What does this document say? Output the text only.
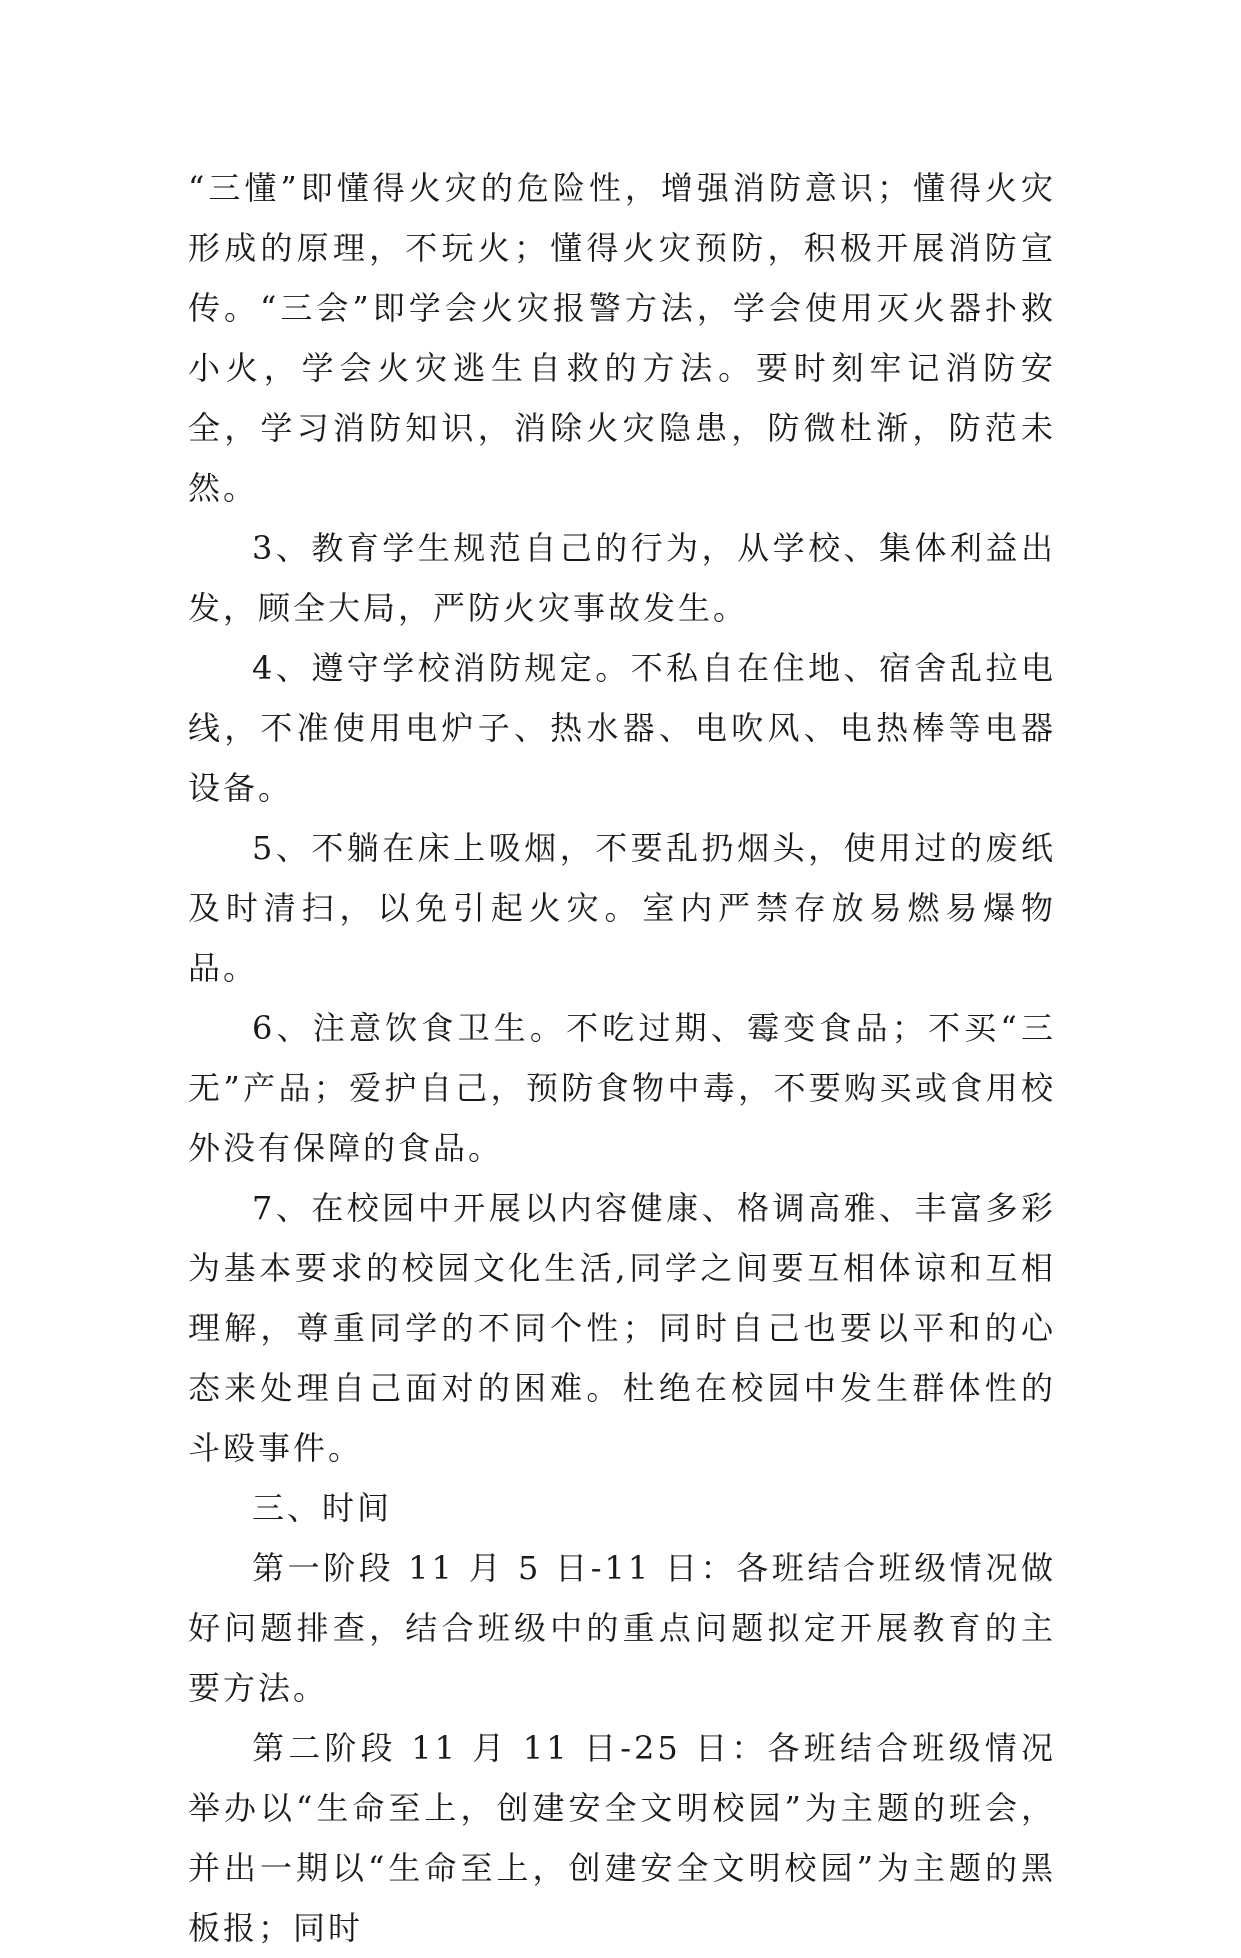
“三懂”即懂得火灾的危险性，增强消防意识；懂得火灾形成的原理，不玩火；懂得火灾预防，积极开展消防宣传。“三会”即学会火灾报警方法，学会使用灭火器扑救小火，学会火灾逃生自救的方法。要时刻牢记消防安全，学习消防知识，消除火灾隐患，防微杜渐，防范未然。

3、教育学生规范自己的行为，从学校、集体利益出发，顾全大局，严防火灾事故发生。

4、遵守学校消防规定。不私自在住地、宿舍乱拉电线，不准使用电炉子、热水器、电吹风、电热棒等电器设备。

5、不躺在床上吸烟，不要乱扔烟头，使用过的废纸及时清扫，以免引起火灾。室内严禁存放易燃易爆物品。

6、注意饮食卫生。不吃过期、霉变食品；不买“三无”产品；爱护自己，预防食物中毒，不要购买或食用校外没有保障的食品。

7、在校园中开展以内容健康、格调高雅、丰富多彩为基本要求的校园文化生活,同学之间要互相体谅和互相理解，尊重同学的不同个性；同时自己也要以平和的心态来处理自己面对的困难。杜绝在校园中发生群体性的斗殴事件。

三、时间

第一阶段 11 月 5 日-11 日：各班结合班级情况做好问题排查，结合班级中的重点问题拟定开展教育的主要方法。

第二阶段 11 月 11 日-25 日：各班结合班级情况举办以“生命至上，创建安全文明校园”为主题的班会，并出一期以“生命至上，创建安全文明校园”为主题的黑板报；同时
